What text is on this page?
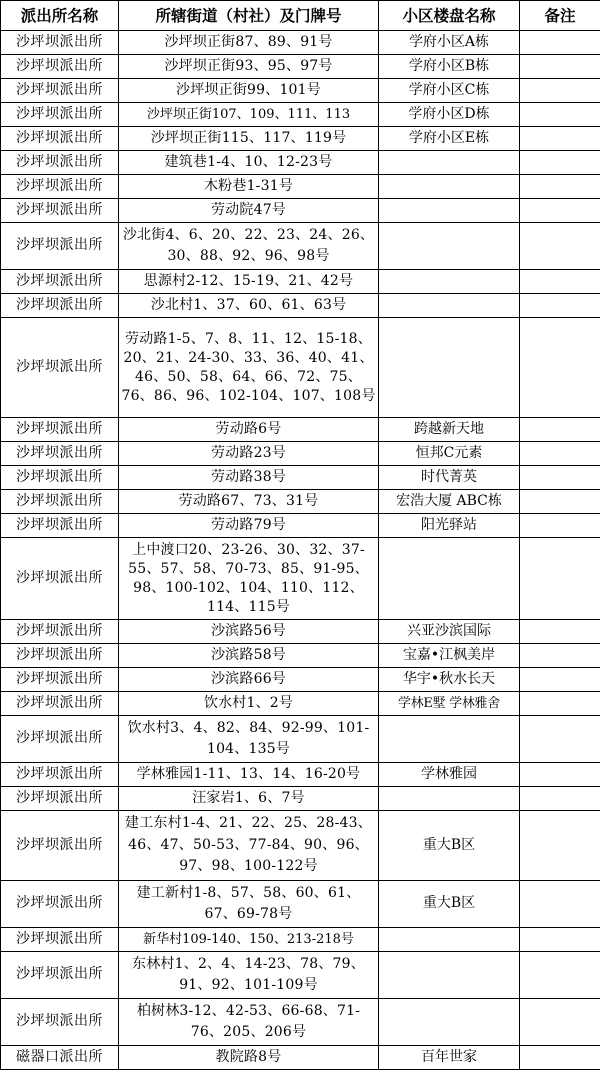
派出所名称	所辖街道（村社）及门牌号	小区楼盘名称	备注
沙坪坝派出所	沙坪坝正街87、89、91号	学府小区A栋	
沙坪坝派出所	沙坪坝正街93、95、97号	学府小区B栋	
沙坪坝派出所	沙坪坝正街99、101号	学府小区C栋	
沙坪坝派出所	沙坪坝正街107、109、111、113	学府小区D栋	
沙坪坝派出所	沙坪坝正街115、117、119号	学府小区E栋	
沙坪坝派出所	建筑巷1-4、10、12-23号		
沙坪坝派出所	木粉巷1-31号		
沙坪坝派出所	劳动院47号		
沙坪坝派出所	沙北街4、6、20、22、23、24、26、30、88、92、96、98号		
沙坪坝派出所	思源村2-12、15-19、21、42号		
沙坪坝派出所	沙北村1、37、60、61、63号		
沙坪坝派出所	劳动路1-5、7、8、11、12、15-18、20、21、24-30、33、36、40、41、46、50、58、64、66、72、75、76、86、96、102-104、107、108号		
沙坪坝派出所	劳动路6号	跨越新天地	
沙坪坝派出所	劳动路23号	恒邦C元素	
沙坪坝派出所	劳动路38号	时代菁英	
沙坪坝派出所	劳动路67、73、31号	宏浩大厦 ABC栋	
沙坪坝派出所	劳动路79号	阳光驿站	
沙坪坝派出所	上中渡口20、23-26、30、32、37-55、57、58、70-73、85、91-95、98、100-102、104、110、112、114、115号		
沙坪坝派出所	沙滨路56号	兴亚沙滨国际	
沙坪坝派出所	沙滨路58号	宝嘉•江枫美岸	
沙坪坝派出所	沙滨路66号	华宇•秋水长天	
沙坪坝派出所	饮水村1、2号	学林E墅 学林雅舍	
沙坪坝派出所	饮水村3、4、82、84、92-99、101-104、135号		
沙坪坝派出所	学林雅园1-11、13、14、16-20号	学林雅园	
沙坪坝派出所	汪家岩1、6、7号		
沙坪坝派出所	建工东村1-4、21、22、25、28-43、46、47、50-53、77-84、90、96、97、98、100-122号	重大B区	
沙坪坝派出所	建工新村1-8、57、58、60、61、67、69-78号	重大B区	
沙坪坝派出所	新华村109-140、150、213-218号		
沙坪坝派出所	东林村1、2、4、14-23、78、79、91、92、101-109号		
沙坪坝派出所	柏树林3-12、42-53、66-68、71-76、205、206号		
磁器口派出所	教院路8号	百年世家	
